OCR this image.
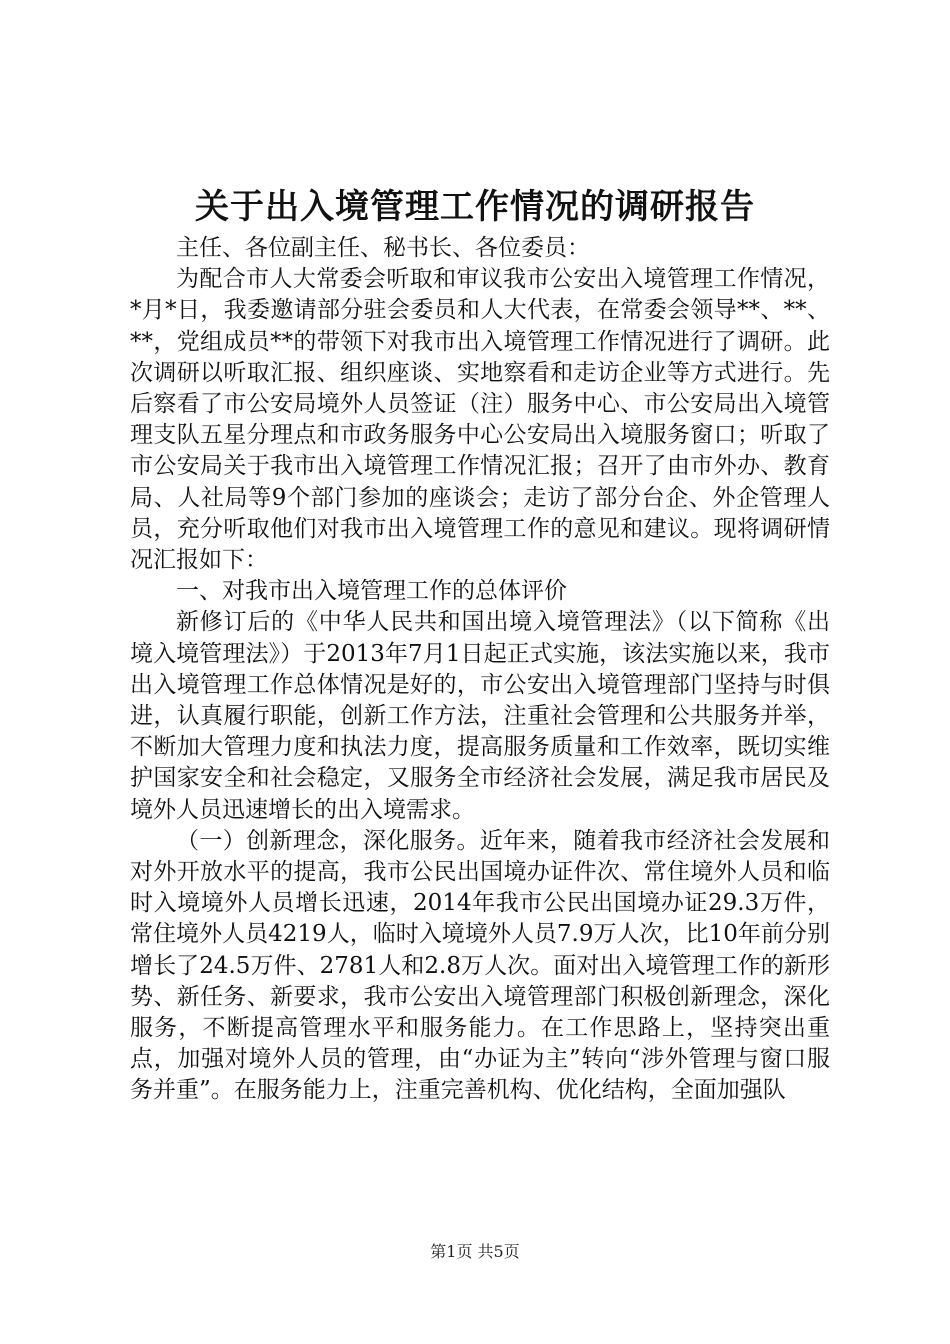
关于出入境管理工作情况的调研报告

主任、各位副主任、秘书长、各位委员：

为配合市人大常委会听取和审议我市公安出入境管理工作情况，*月*日，我委邀请部分驻会委员和人大代表，在常委会领导**、**、**，党组成员**的带领下对我市出入境管理工作情况进行了调研。此次调研以听取汇报、组织座谈、实地察看和走访企业等方式进行。先后察看了市公安局境外人员签证（注）服务中心、市公安局出入境管理支队五星分理点和市政务服务中心公安局出入境服务窗口；听取了市公安局关于我市出入境管理工作情况汇报；召开了由市外办、教育局、人社局等9个部门参加的座谈会；走访了部分台企、外企管理人员，充分听取他们对我市出入境管理工作的意见和建议。现将调研情况汇报如下：

一、对我市出入境管理工作的总体评价

新修订后的《中华人民共和国出境入境管理法》（以下简称《出境入境管理法》）于2013年7月1日起正式实施，该法实施以来，我市出入境管理工作总体情况是好的，市公安出入境管理部门坚持与时俱进，认真履行职能，创新工作方法，注重社会管理和公共服务并举，不断加大管理力度和执法力度，提高服务质量和工作效率，既切实维护国家安全和社会稳定，又服务全市经济社会发展，满足我市居民及境外人员迅速增长的出入境需求。

（一）创新理念，深化服务。近年来，随着我市经济社会发展和对外开放水平的提高，我市公民出国境办证件次、常住境外人员和临时入境境外人员增长迅速，2014年我市公民出国境办证29.3万件，常住境外人员4219人，临时入境境外人员7.9万人次，比10年前分别增长了24.5万件、2781人和2.8万人次。面对出入境管理工作的新形势、新任务、新要求，我市公安出入境管理部门积极创新理念，深化服务，不断提高管理水平和服务能力。在工作思路上，坚持突出重点，加强对境外人员的管理，由“办证为主”转向“涉外管理与窗口服务并重”。在服务能力上，注重完善机构、优化结构，全面加强队

第1页 共5页
